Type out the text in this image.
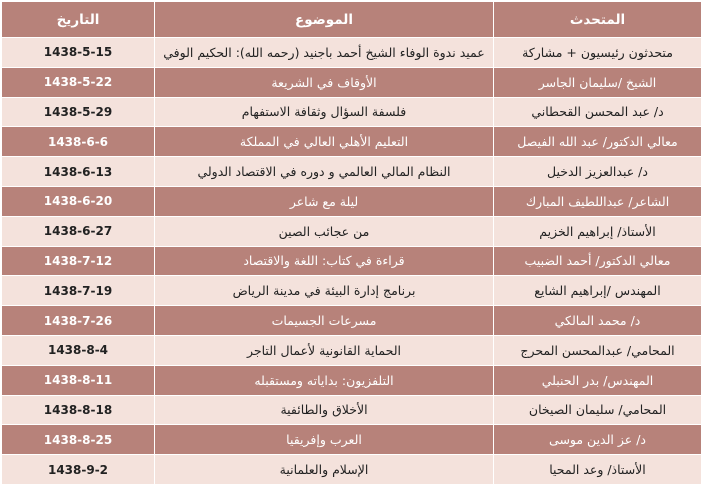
المتحدث	الموضوع	التاريخ
متحدثون رئيسيون + مشاركة	عميد ندوة الوفاء الشيخ أحمد باجنيد (رحمه الله): الحكيم الوفي	1438-5-15
الشيخ /سليمان الجاسر	الأوقاف في الشريعة	1438-5-22
د/ عبد المحسن القحطاني	فلسفة السؤال وثقافة الاستفهام	1438-5-29
معالي الدكتور/ عبد الله الفيصل	التعليم الأهلي العالي في المملكة	1438-6-6
د/ عبدالعزيز الدخيل	النظام المالي العالمي و دوره في الاقتصاد الدولي	1438-6-13
الشاعر/ عبداللطيف المبارك	ليلة مع شاعر	1438-6-20
الأستاذ/ إبراهيم الخزيم	من عجائب الصين	1438-6-27
معالي الدكتور/ أحمد الضبيب	قراءة في كتاب: اللغة والاقتصاد	1438-7-12
المهندس /إبراهيم الشايع	برنامج إدارة البيئة في مدينة الرياض	1438-7-19
د/ محمد المالكي	مسرعات الجسيمات	1438-7-26
المحامي/ عبدالمحسن المحرج	الحماية القانونية لأعمال التاجر	1438-8-4
المهندس/ بدر الحنبلي	التلفزيون: بداياته ومستقبله	1438-8-11
المحامي/ سليمان الصيخان	الأخلاق والطائفية	1438-8-18
د/ عز الدين موسى	العرب وإفريقيا	1438-8-25
الأستاذ/ وعد المحيا	الإسلام والعلمانية	1438-9-2
